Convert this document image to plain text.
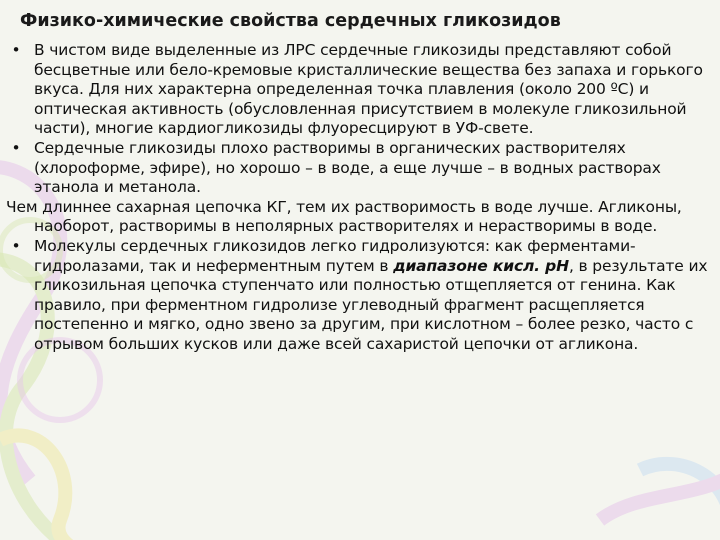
Физико-химические свойства сердечных гликозидов
• В чистом виде выделенные из ЛРС сердечные гликозиды представляют собой бесцветные или бело-кремовые кристаллические вещества без запаха и горького вкуса. Для них характерна определенная точка плавления (около 200 ºС) и оптическая активность (обусловленная присутствием в молекуле гликозильной части), многие кардиогликозиды флуоресцируют в УФ-свете.
• Сердечные гликозиды плохо растворимы в органических растворителях (хлороформе, эфире), но хорошо – в воде, а еще лучше – в водных растворах этанола и метанола.
Чем длиннее сахарная цепочка КГ, тем их растворимость в воде лучше. Агликоны, наоборот, растворимы в неполярных растворителях и нерастворимы в воде.
• Молекулы сердечных гликозидов легко гидролизуются: как ферментами-гидролазами, так и неферментным путем в диапазоне кисл. рН, в результате их гликозильная цепочка ступенчато или полностью отщепляется от генина. Как правило, при ферментном гидролизе углеводный фрагмент расщепляется постепенно и мягко, одно звено за другим, при кислотном – более резко, часто с отрывом больших кусков или даже всей сахаристой цепочки от агликона.
